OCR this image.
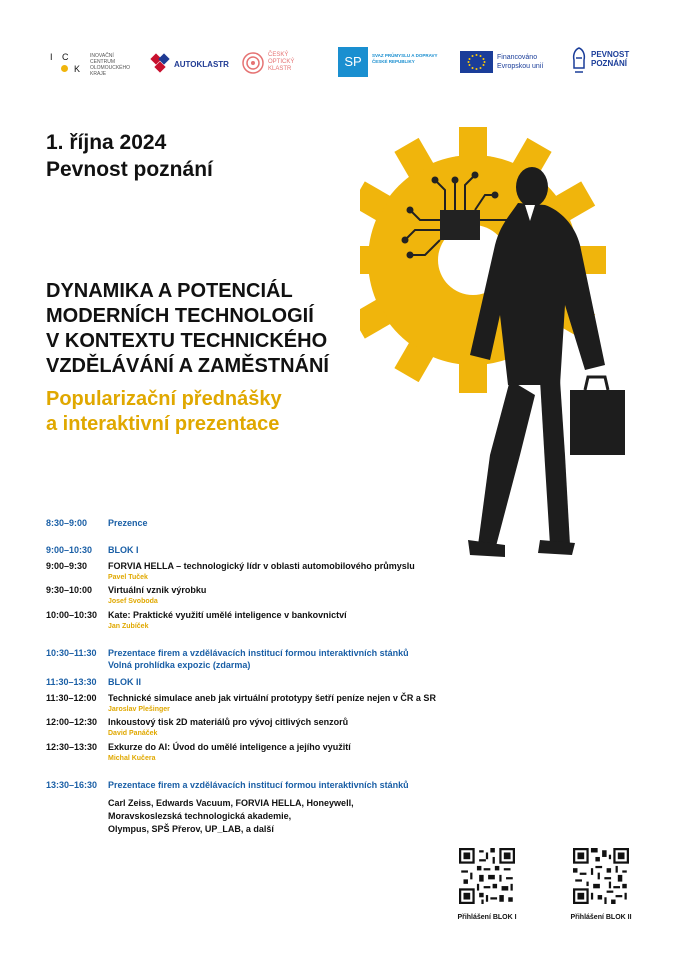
I C
K
INOVAČNÍ CENTRUM OLOMOUCKÉHO KRAJE
AUTOKLASTR
ČESKÝ OPTICKÝ KLASTR	SP	SVAZ PRŮMYSLU A DOPRAVY ČESKÉ REPUBLIKY
Financováno Evropskou unií
PEVNOST POZNÁNÍ
1. října 2024
Pevnost poznání
DYNAMIKA A POTENCIÁL
MODERNÍCH TECHNOLOGIÍ
V KONTEXTU TECHNICKÉHO
VZDĚLÁVÁNÍ A ZAMĚSTNÁNÍ
Popularizační přednášky
a interaktivní prezentace
8:30–9:00 Prezence
9:00–10:30 BLOK I
9:00–9:30 FORVIA HELLA – technologický lídr v oblasti automobilového průmyslu
Pavel Tuček
9:30–10:00 Virtuální vznik výrobku
Josef Svoboda
10:00–10:30 Kate: Praktické využití umělé inteligence v bankovnictví
Jan Zubíček
10:30–11:30 Prezentace firem a vzdělávacích institucí formou interaktivních stánků
Volná prohlídka expozic (zdarma)
11:30–13:30 BLOK II
11:30–12:00 Technické simulace aneb jak virtuální prototypy šetří peníze nejen v ČR a SR
Jaroslav Plešinger
12:00–12:30 Inkoustový tisk 2D materiálů pro vývoj citlivých senzorů
David Panáček
12:30–13:30 Exkurze do AI: Úvod do umělé inteligence a jejího využití
Michal Kučera
13:30–16:30 Prezentace firem a vzdělávacích institucí formou interaktivních stánků
Carl Zeiss, Edwards Vacuum, FORVIA HELLA, Honeywell,
Moravskoslezská technologická akademie,
Olympus, SPŠ Přerov, UP_LAB, a další
Přihlášení BLOK I	Přihlášení BLOK II
